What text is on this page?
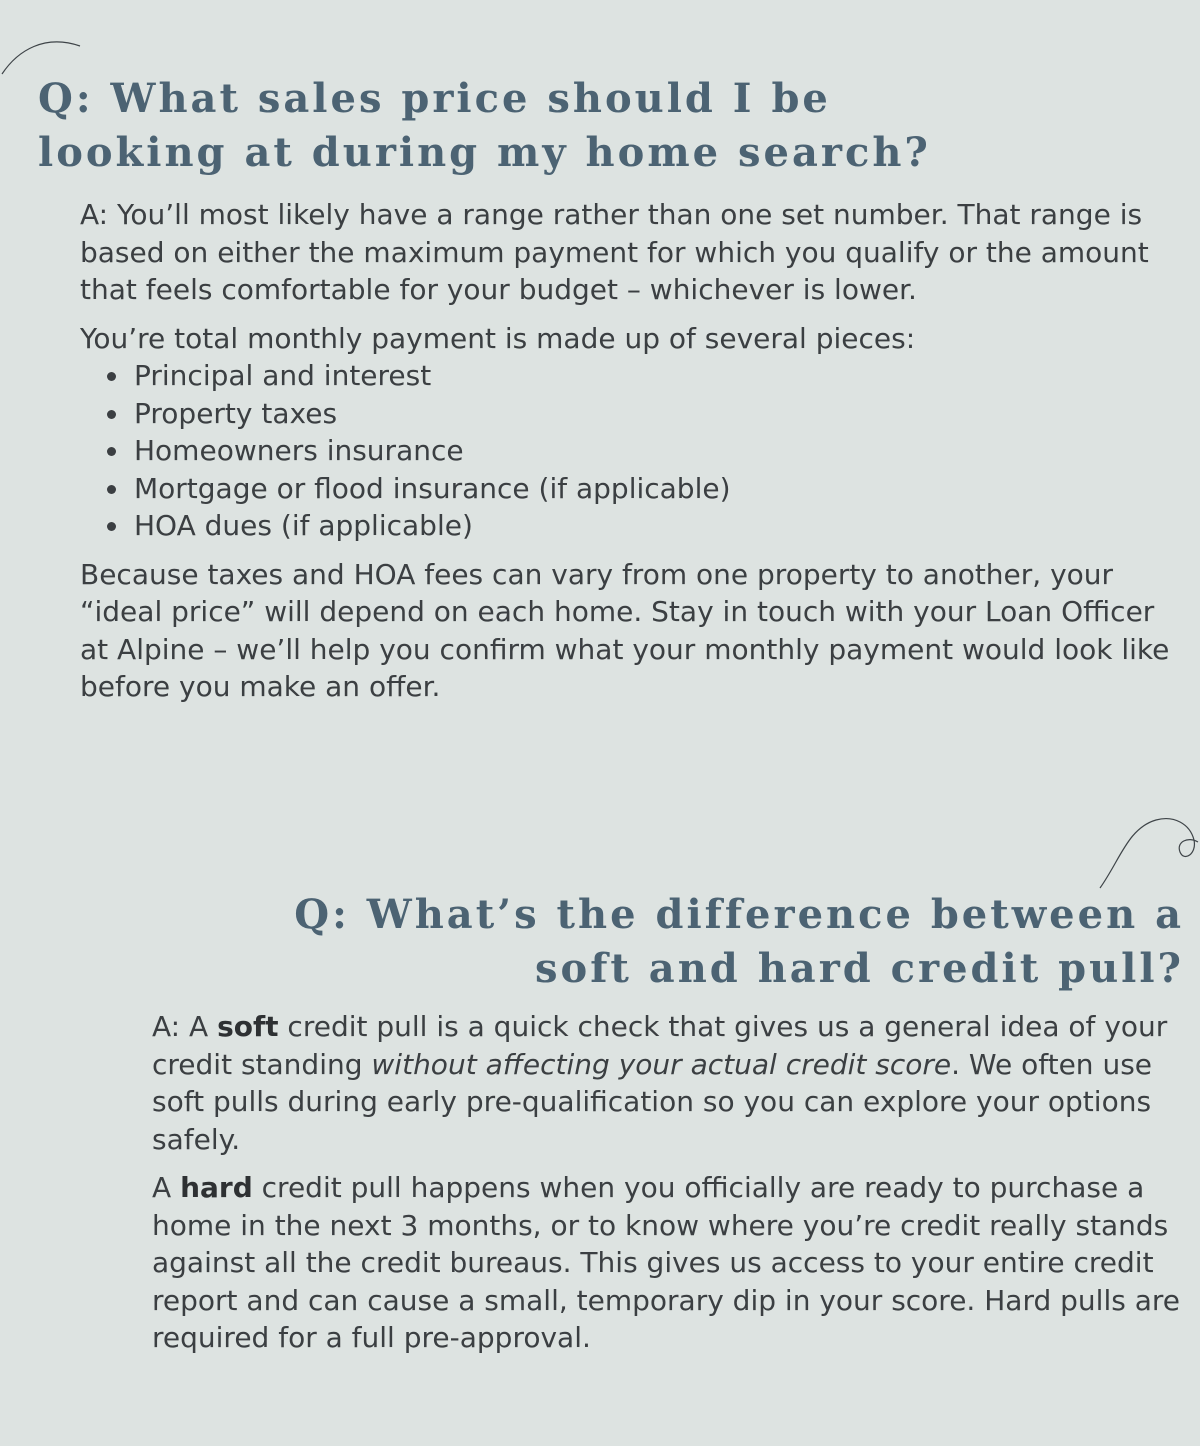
Q: What sales price should I be looking at during my home search?

A: You’ll most likely have a range rather than one set number. That range is based on either the maximum payment for which you qualify or the amount that feels comfortable for your budget – whichever is lower.

You’re total monthly payment is made up of several pieces:

Principal and interest
Property taxes
Homeowners insurance
Mortgage or flood insurance (if applicable)
HOA dues (if applicable)

Because taxes and HOA fees can vary from one property to another, your “ideal price” will depend on each home. Stay in touch with your Loan Officer at Alpine – we’ll help you confirm what your monthly payment would look like before you make an offer.

Q: What’s the difference between a soft and hard credit pull?

A: A soft credit pull is a quick check that gives us a general idea of your credit standing without affecting your actual credit score. We often use soft pulls during early pre-qualification so you can explore your options safely.

A hard credit pull happens when you officially are ready to purchase a home in the next 3 months, or to know where you’re credit really stands against all the credit bureaus. This gives us access to your entire credit report and can cause a small, temporary dip in your score. Hard pulls are required for a full pre-approval.
